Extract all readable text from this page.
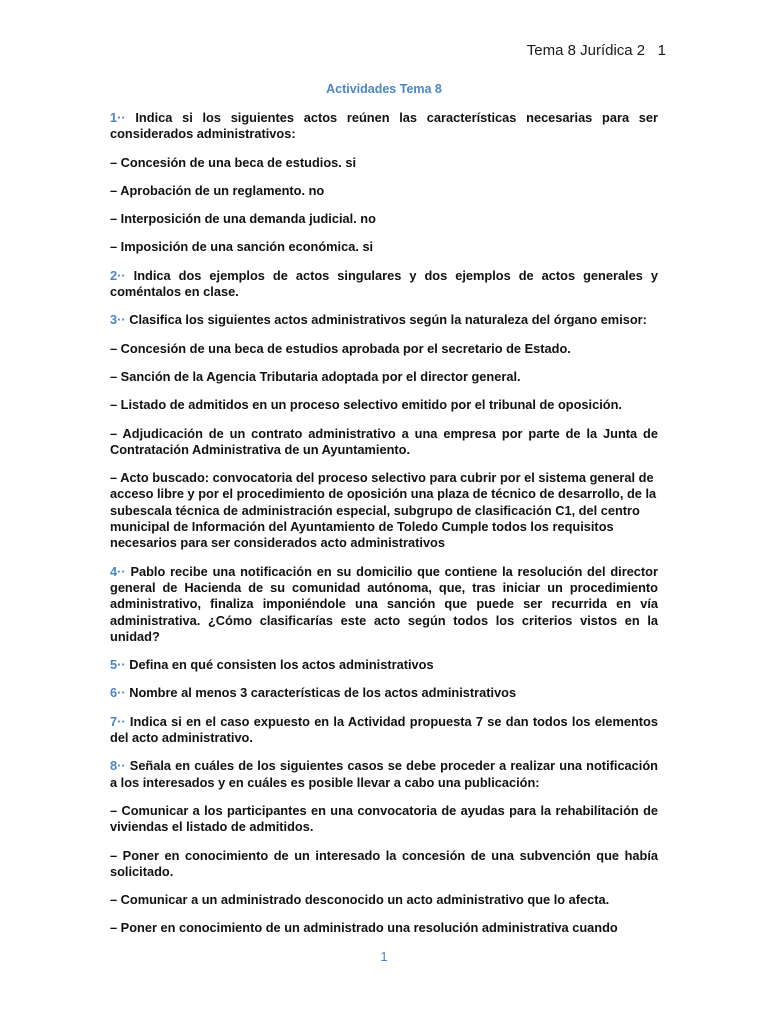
Tema 8 Jurídica 2 1
Actividades Tema 8

1·· Indica si los siguientes actos reúnen las características necesarias para ser considerados administrativos:

– Concesión de una beca de estudios. si

– Aprobación de un reglamento. no

– Interposición de una demanda judicial. no

– Imposición de una sanción económica. si

2·· Indica dos ejemplos de actos singulares y dos ejemplos de actos generales y coméntalos en clase.

3·· Clasifica los siguientes actos administrativos según la naturaleza del órgano emisor:

– Concesión de una beca de estudios aprobada por el secretario de Estado.

– Sanción de la Agencia Tributaria adoptada por el director general.

– Listado de admitidos en un proceso selectivo emitido por el tribunal de oposición.

– Adjudicación de un contrato administrativo a una empresa por parte de la Junta de Contratación Administrativa de un Ayuntamiento.

– Acto buscado: convocatoria del proceso selectivo para cubrir por el sistema general de acceso libre y por el procedimiento de oposición una plaza de técnico de desarrollo, de la subescala técnica de administración especial, subgrupo de clasificación C1, del centro municipal de Información del Ayuntamiento de Toledo Cumple todos los requisitos necesarios para ser considerados acto administrativos

4·· Pablo recibe una notificación en su domicilio que contiene la resolución del director general de Hacienda de su comunidad autónoma, que, tras iniciar un procedimiento administrativo, finaliza imponiéndole una sanción que puede ser recurrida en vía administrativa. ¿Cómo clasificarías este acto según todos los criterios vistos en la unidad?

5·· Defina en qué consisten los actos administrativos

6·· Nombre al menos 3 características de los actos administrativos

7·· Indica si en el caso expuesto en la Actividad propuesta 7 se dan todos los elementos del acto administrativo.

8·· Señala en cuáles de los siguientes casos se debe proceder a realizar una notificación a los interesados y en cuáles es posible llevar a cabo una publicación:

– Comunicar a los participantes en una convocatoria de ayudas para la rehabilitación de viviendas el listado de admitidos.

– Poner en conocimiento de un interesado la concesión de una subvención que había solicitado.

– Comunicar a un administrado desconocido un acto administrativo que lo afecta.

– Poner en conocimiento de un administrado una resolución administrativa cuando

1
